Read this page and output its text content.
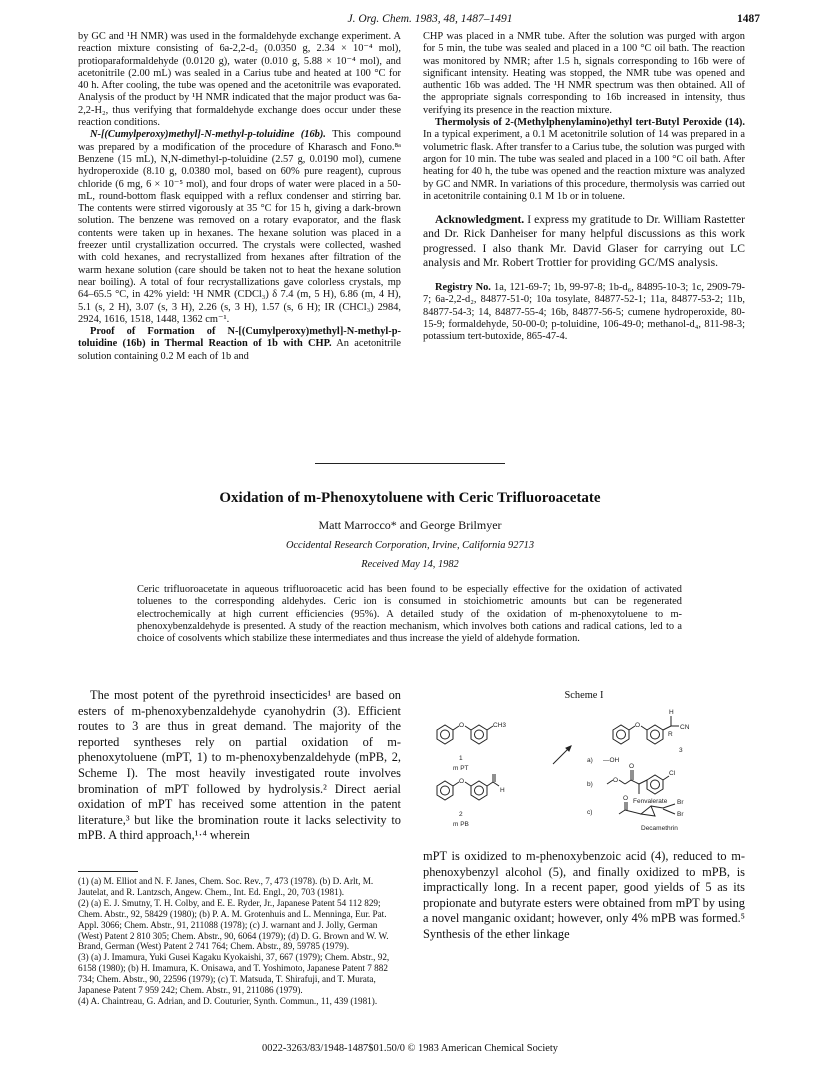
J. Org. Chem. 1983, 48, 1487–1491	1487

by GC and ¹H NMR) was used in the formaldehyde exchange experiment. A reaction mixture consisting of 6a-2,2-d₂ (0.0350 g, 2.34 × 10⁻⁴ mol), protioparaformaldehyde (0.0120 g), water (0.010 g, 5.88 × 10⁻⁴ mol), and acetonitrile (2.00 mL) was sealed in a Carius tube and heated at 100 °C for 40 h. After cooling, the tube was opened and the acetonitrile was evaporated. Analysis of the product by ¹H NMR indicated that the major product was 6a-2,2-H₂, thus verifying that formaldehyde exchange does occur under these reaction conditions.

N-[(Cumylperoxy)methyl]-N-methyl-p-toluidine (16b). This compound was prepared by a modification of the procedure of Kharasch and Fono.⁸ᵃ Benzene (15 mL), N,N-dimethyl-p-toluidine (2.57 g, 0.0190 mol), cumene hydroperoxide (8.10 g, 0.0380 mol, based on 60% pure reagent), cuprous chloride (6 mg, 6 × 10⁻⁵ mol), and four drops of water were placed in a 50-mL, round-bottom flask equipped with a reflux condenser and stirring bar. The contents were stirred vigorously at 35 °C for 15 h, giving a dark-brown solution. The benzene was removed on a rotary evaporator, and the flask contents were taken up in hexanes. The hexane solution was placed in a freezer until crystallization occurred. The crystals were collected, washed with cold hexanes, and recrystallized from hexanes after filtration of the warm hexane solution (care should be taken not to heat the hexane solution near boiling). A total of four recrystallizations gave colorless crystals, mp 64–65.5 °C, in 42% yield: ¹H NMR (CDCl₃) δ 7.4 (m, 5 H), 6.86 (m, 4 H), 5.1 (s, 2 H), 3.07 (s, 3 H), 2.26 (s, 3 H), 1.57 (s, 6 H); IR (CHCl₃) 2984, 2924, 1616, 1518, 1448, 1362 cm⁻¹.

Proof of Formation of N-[(Cumylperoxy)methyl]-N-methyl-p-toluidine (16b) in Thermal Reaction of 1b with CHP. An acetonitrile solution containing 0.2 M each of 1b and

CHP was placed in a NMR tube. After the solution was purged with argon for 5 min, the tube was sealed and placed in a 100 °C oil bath. The reaction was monitored by NMR; after 1.5 h, signals corresponding to 16b were of significant intensity. Heating was stopped, the NMR tube was opened and authentic 16b was added. The ¹H NMR spectrum was then obtained. All of the appropriate signals corresponding to 16b increased in intensity, thus verifying its presence in the reaction mixture.

Thermolysis of 2-(Methylphenylamino)ethyl tert-Butyl Peroxide (14). In a typical experiment, a 0.1 M acetonitrile solution of 14 was prepared in a volumetric flask. After transfer to a Carius tube, the solution was purged with argon for 10 min. The tube was sealed and placed in a 100 °C oil bath. After heating for 40 h, the tube was opened and the reaction mixture was analyzed by GC and NMR. In variations of this procedure, thermolysis was carried out in acetonitrile containing 0.1 M 1b or in toluene.

Acknowledgment. I express my gratitude to Dr. William Rastetter and Dr. Rick Danheiser for many helpful discussions as this work progressed. I also thank Mr. David Glaser for carrying out LC analysis and Mr. Robert Trottier for providing GC/MS analysis.

Registry No. 1a, 121-69-7; 1b, 99-97-8; 1b-d₆, 84895-10-3; 1c, 2909-79-7; 6a-2,2-d₂, 84877-51-0; 10a tosylate, 84877-52-1; 11a, 84877-53-2; 11b, 84877-54-3; 14, 84877-55-4; 16b, 84877-56-5; cumene hydroperoxide, 80-15-9; formaldehyde, 50-00-0; p-toluidine, 106-49-0; methanol-d₄, 811-98-3; potassium tert-butoxide, 865-47-4.

Oxidation of m-Phenoxytoluene with Ceric Trifluoroacetate
Matt Marrocco* and George Brilmyer
Occidental Research Corporation, Irvine, California 92713
Received May 14, 1982
Ceric trifluoroacetate in aqueous trifluoroacetic acid has been found to be especially effective for the oxidation of activated toluenes to the corresponding aldehydes. Ceric ion is consumed in stoichiometric amounts but can be regenerated electrochemically at high current efficiencies (95%). A detailed study of the oxidation of m-phenoxytoluene to m-phenoxybenzaldehyde is presented. A study of the reaction mechanism, which involves both cations and radical cations, led to a choice of cosolvents which stabilize these intermediates and thus increase the yield of aldehyde formation.

The most potent of the pyrethroid insecticides¹ are based on esters of m-phenoxybenzaldehyde cyanohydrin (3). Efficient routes to 3 are thus in great demand. The majority of the reported syntheses rely on partial oxidation of m-phenoxytoluene (mPT, 1) to m-phenoxybenzaldehyde (mPB, 2, Scheme I). The most heavily investigated route involves bromination of mPT followed by hydrolysis.² Direct aerial oxidation of mPT has received some attention in the patent literature,³ but like the bromination route it lacks selectivity to mPB. A third approach,¹·⁴ wherein

(1) (a) M. Elliot and N. F. Janes, Chem. Soc. Rev., 7, 473 (1978). (b) D. Arlt, M. Jautelat, and R. Lantzsch, Angew. Chem., Int. Ed. Engl., 20, 703 (1981).

(2) (a) E. J. Smutny, T. H. Colby, and E. E. Ryder, Jr., Japanese Patent 54 112 829; Chem. Abstr., 92, 58429 (1980); (b) P. A. M. Grotenhuis and L. Menninga, Eur. Pat. Appl. 3066; Chem. Abstr., 91, 211088 (1978); (c) J. warnant and J. Jolly, German (West) Patent 2 810 305; Chem. Abstr., 90, 6064 (1979); (d) D. G. Brown and W. W. Brand, German (West) Patent 2 741 764; Chem. Abstr., 89, 59785 (1979).

(3) (a) J. Imamura, Yuki Gusei Kagaku Kyokaishi, 37, 667 (1979); Chem. Abstr., 92, 6158 (1980); (b) H. Imamura, K. Onisawa, and T. Yoshimoto, Japanese Patent 7 882 734; Chem. Abstr., 90, 22596 (1979); (c) T. Matsuda, T. Shirafuji, and T. Murata, Japanese Patent 7 959 242; Chem. Abstr., 91, 211086 (1979).

(4) A. Chaintreau, G. Adrian, and D. Couturier, Synth. Commun., 11, 439 (1981).

Scheme I
O	CH3
1
m PT
O
H
CN
R
3
a) —OH
O
H
2
m PB
b)
O
O
Cl
Fenvalerate
c)
O
Br
Br
Decamethrin
mPT is oxidized to m-phenoxybenzoic acid (4), reduced to m-phenoxybenzyl alcohol (5), and finally oxidized to mPB, is impractically long. In a recent paper, good yields of 5 as its propionate and butyrate esters were obtained from mPT by using a novel manganic oxidant; however, only 4% mPB was formed.⁵ Synthesis of the ether linkage
0022-3263/83/1948-1487$01.50/0 © 1983 American Chemical Society
